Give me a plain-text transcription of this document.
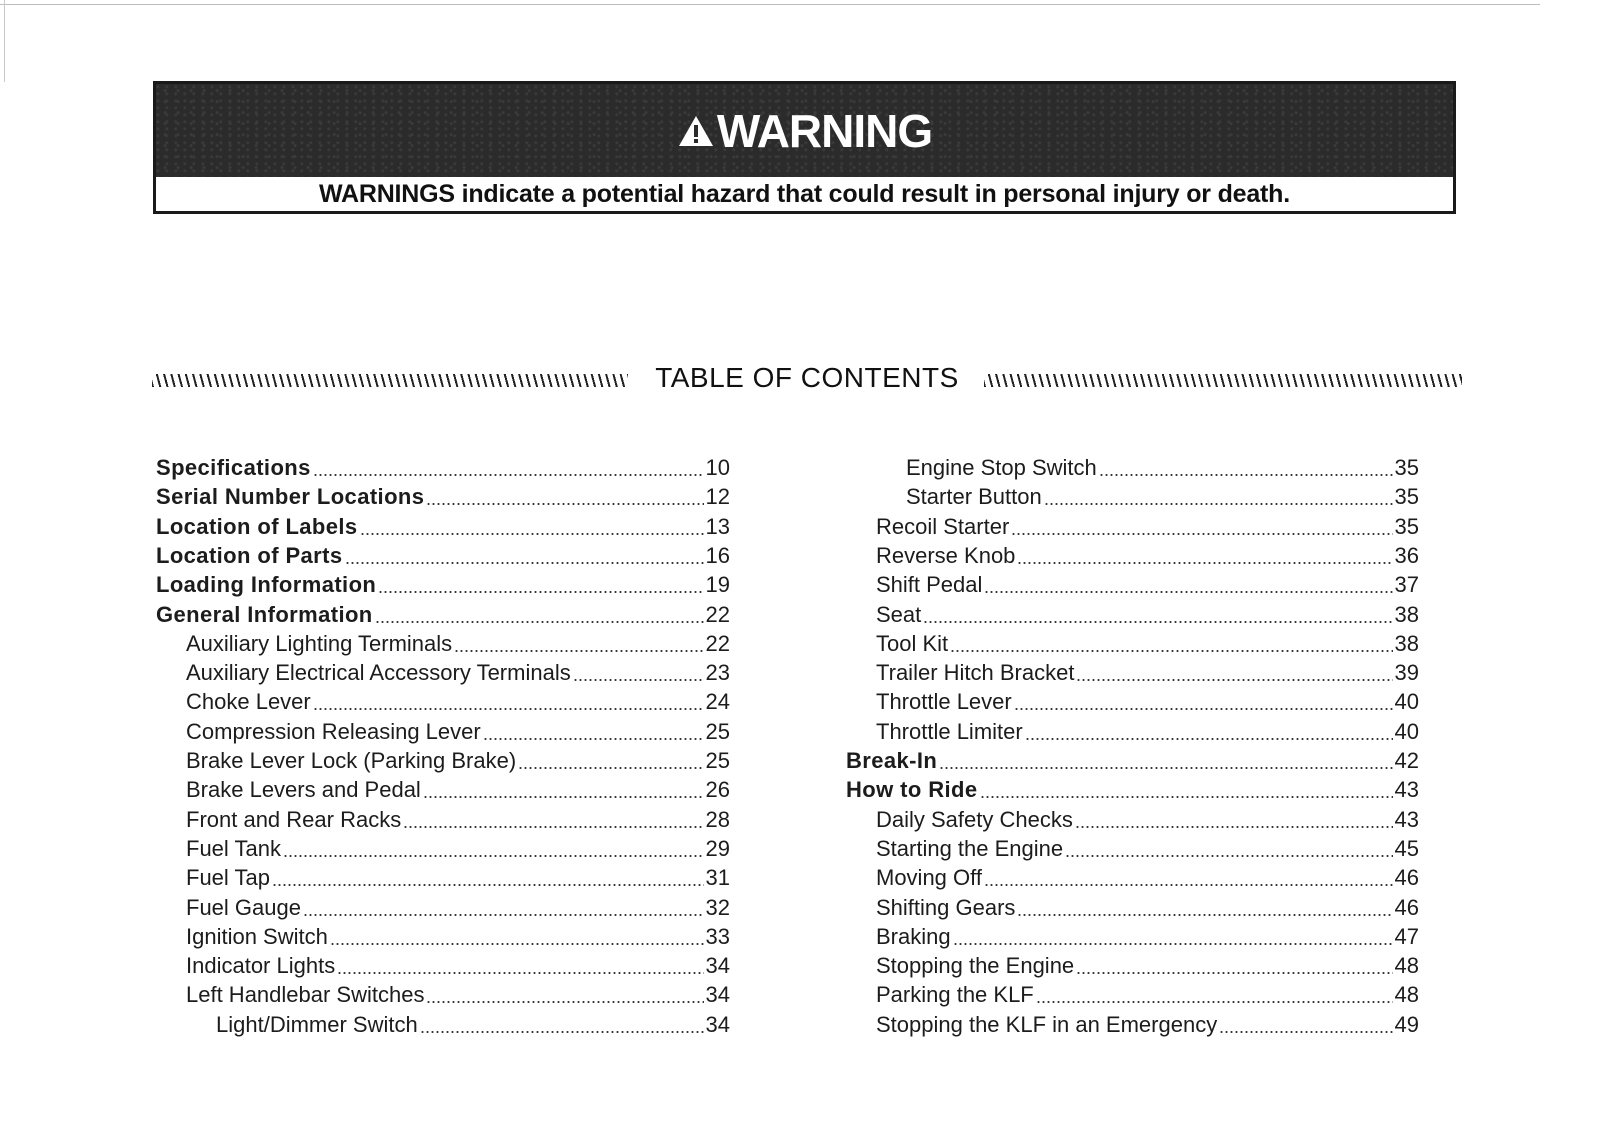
WARNING
WARNINGS indicate a potential hazard that could result in personal injury or death.
TABLE OF CONTENTS
Specifications	10
Serial Number Locations	12
Location of Labels	13
Location of Parts	16
Loading Information	19
General Information	22
Auxiliary Lighting Terminals	22
Auxiliary Electrical Accessory Terminals	23
Choke Lever	24
Compression Releasing Lever	25
Brake Lever Lock (Parking Brake)	25
Brake Levers and Pedal	26
Front and Rear Racks	28
Fuel Tank	29
Fuel Tap	31
Fuel Gauge	32
Ignition Switch	33
Indicator Lights	34
Left Handlebar Switches	34
Light/Dimmer Switch	34
Engine Stop Switch	35
Starter Button	35
Recoil Starter	35
Reverse Knob	36
Shift Pedal	37
Seat	38
Tool Kit	38
Trailer Hitch Bracket	39
Throttle Lever	40
Throttle Limiter	40
Break-In	42
How to Ride	43
Daily Safety Checks	43
Starting the Engine	45
Moving Off	46
Shifting Gears	46
Braking	47
Stopping the Engine	48
Parking the KLF	48
Stopping the KLF in an Emergency	49
